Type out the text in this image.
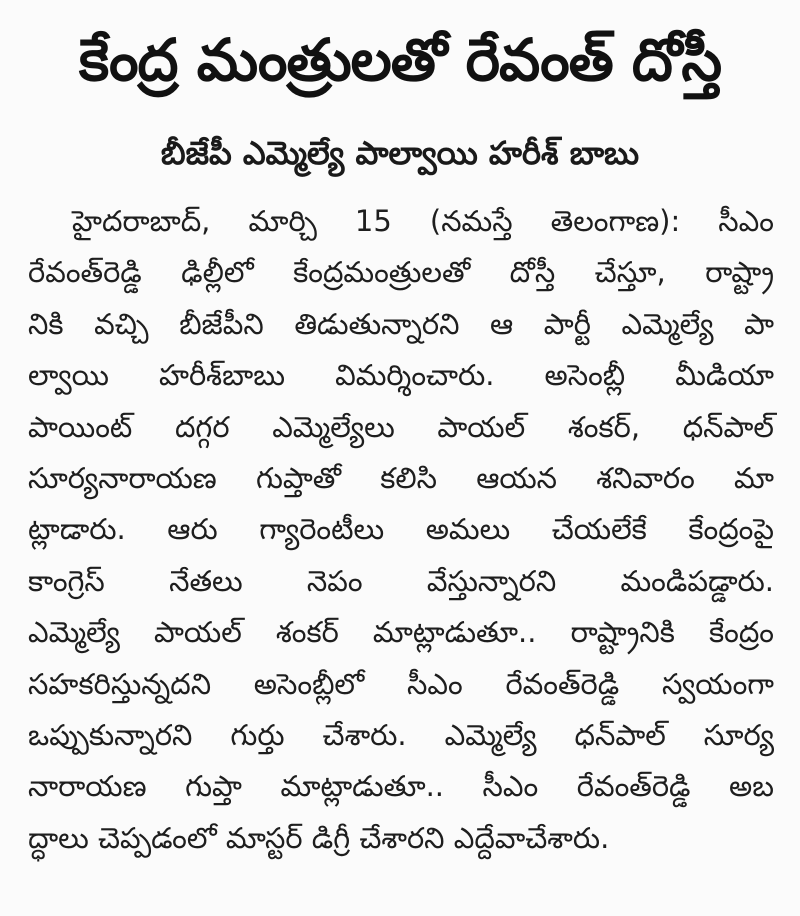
కేంద్ర మంత్రులతో రేవంత్ దోస్తీ
బీజేపీ ఎమ్మెల్యే పాల్వాయి హరీశ్ బాబు
హైదరాబాద్, మార్చి 15 (నమస్తే తెలంగాణ): సీఎం
రేవంత్‌రెడ్డి ఢిల్లీలో కేంద్రమంత్రులతో దోస్తీ చేస్తూ, రాష్ట్రా
నికి వచ్చి బీజేపీని తిడుతున్నారని ఆ పార్టీ ఎమ్మెల్యే పా
ల్వాయి హరీశ్‌బాబు విమర్శించారు. అసెంబ్లీ మీడియా
పాయింట్ దగ్గర ఎమ్మెల్యేలు పాయల్ శంకర్, ధన్‌పాల్
సూర్యనారాయణ గుప్తాతో కలిసి ఆయన శనివారం మా
ట్లాడారు. ఆరు గ్యారెంటీలు అమలు చేయలేకే కేంద్రంపై
కాంగ్రెస్ నేతలు నెపం వేస్తున్నారని మండిపడ్డారు.
ఎమ్మెల్యే పాయల్ శంకర్ మాట్లాడుతూ.. రాష్ట్రానికి కేంద్రం
సహకరిస్తున్నదని అసెంబ్లీలో సీఎం రేవంత్‌రెడ్డి స్వయంగా
ఒప్పుకున్నారని గుర్తు చేశారు. ఎమ్మెల్యే ధన్‌పాల్ సూర్య
నారాయణ గుప్తా మాట్లాడుతూ.. సీఎం రేవంత్‌రెడ్డి అబ
ద్ధాలు చెప్పడంలో మాస్టర్ డిగ్రీ చేశారని ఎద్దేవాచేశారు.
